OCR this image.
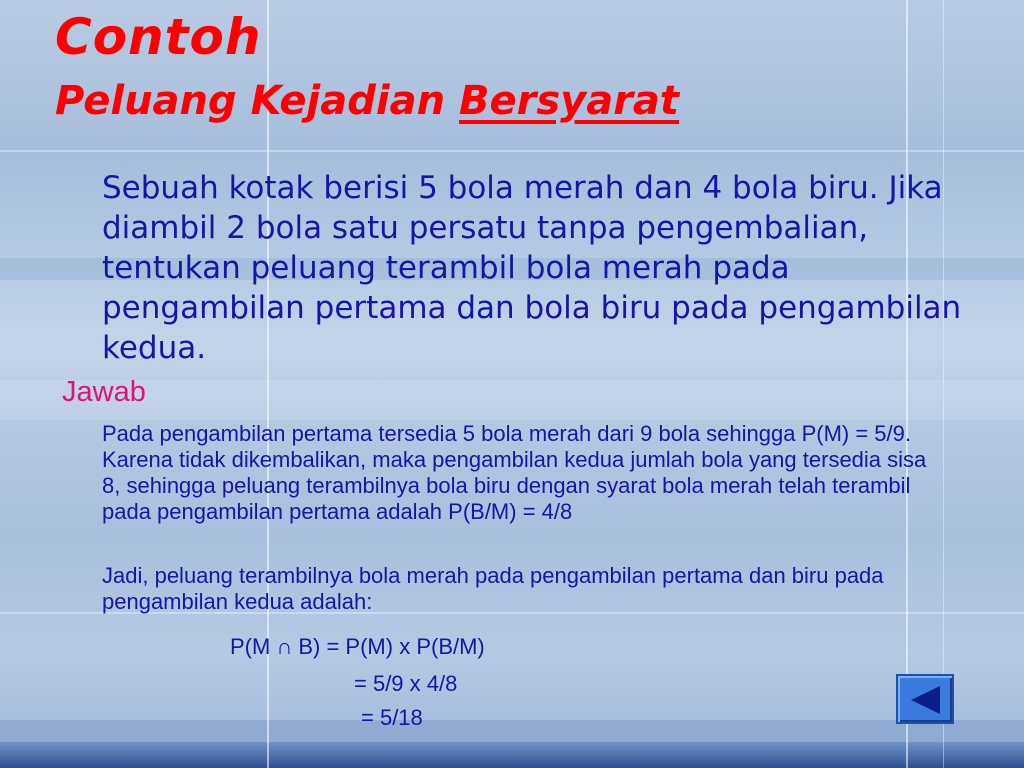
Contoh
Peluang Kejadian Bersyarat

Sebuah kotak berisi 5 bola merah dan 4 bola biru. Jika diambil 2 bola satu persatu tanpa pengembalian, tentukan peluang terambil bola merah pada pengambilan pertama dan bola biru pada pengambilan kedua.

Jawab

Pada pengambilan pertama tersedia 5 bola merah dari 9 bola sehingga P(M) = 5/9. Karena tidak dikembalikan, maka pengambilan kedua jumlah bola yang tersedia sisa 8, sehingga peluang terambilnya bola biru dengan syarat bola merah telah terambil pada pengambilan pertama adalah P(B/M) = 4/8

Jadi, peluang terambilnya bola merah pada pengambilan pertama dan biru pada pengambilan kedua adalah:

P(M ∩ B) = P(M) x P(B/M)

= 5/9 x 4/8

= 5/18
